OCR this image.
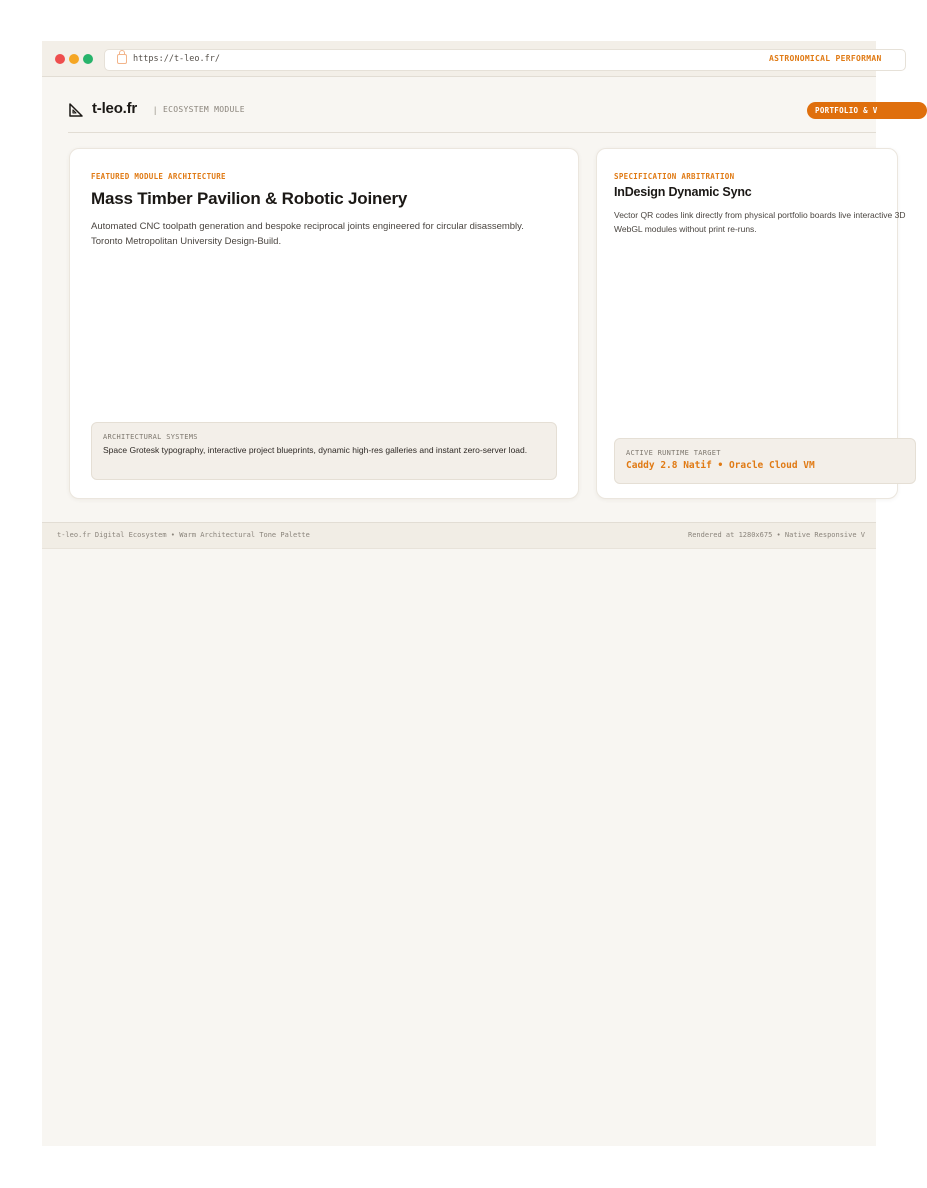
https://t-leo.fr/	ASTRONOMICAL PERFORMAN
t-leo.fr | ECOSYSTEM MODULE	PORTFOLIO & V
FEATURED MODULE ARCHITECTURE
Mass Timber Pavilion & Robotic Joinery
Automated CNC toolpath generation and bespoke reciprocal joints engineered for circular disassembly. Toronto Metropolitan University Design-Build.
ARCHITECTURAL SYSTEMS
Space Grotesk typography, interactive project blueprints, dynamic high-res galleries and instant zero-server load.
SPECIFICATION ARBITRATION
InDesign Dynamic Sync
Vector QR codes link directly from physical portfolio boards live interactive 3D WebGL modules without print re-runs.
ACTIVE RUNTIME TARGET
Caddy 2.8 Natif • Oracle Cloud VM
t-leo.fr Digital Ecosystem • Warm Architectural Tone Palette	Rendered at 1280x675 • Native Responsive V
